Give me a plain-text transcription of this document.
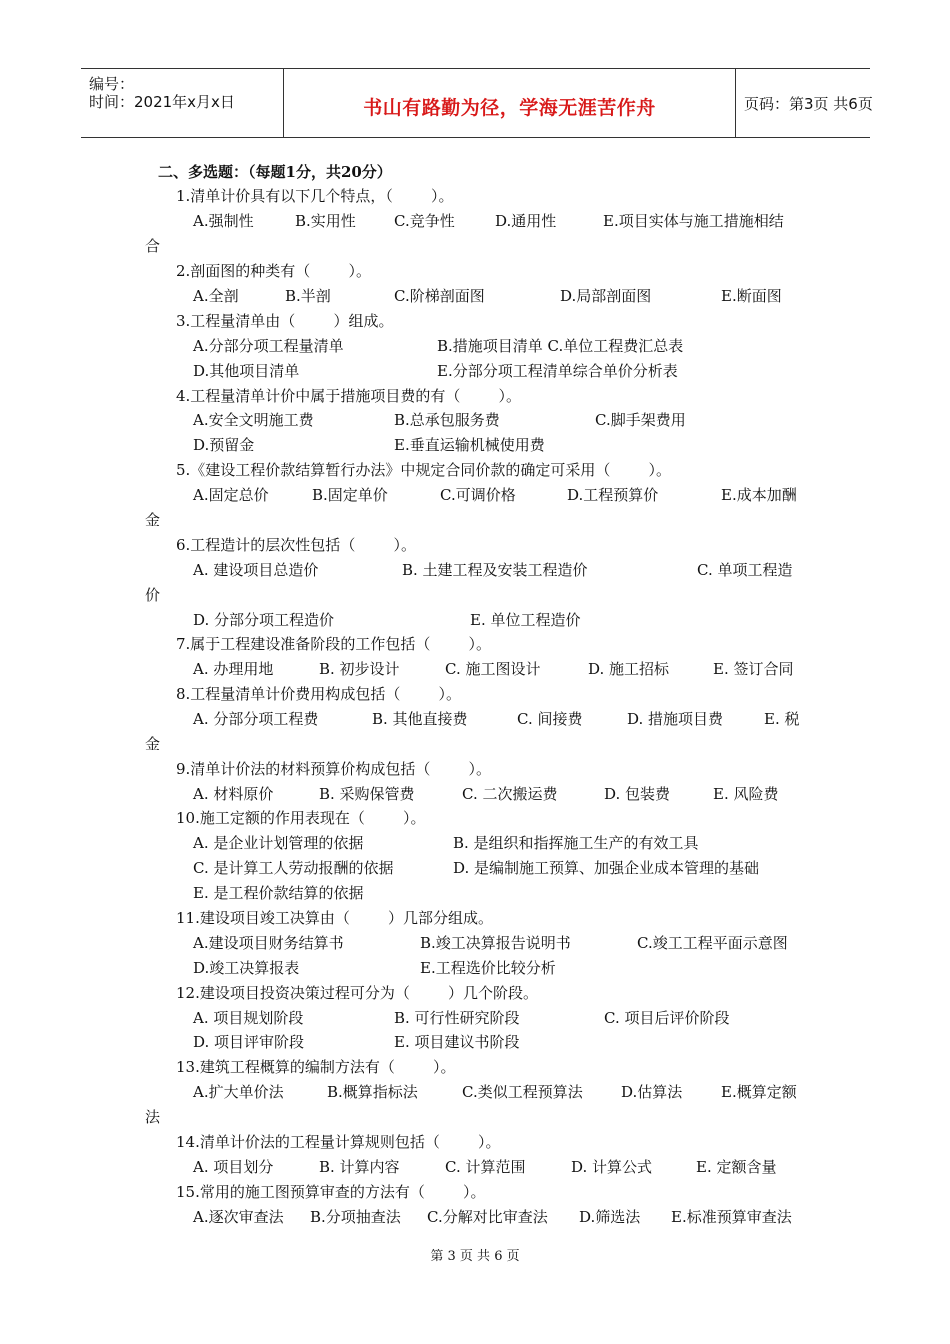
编号：
时间：2021年x月x日	书山有路勤为径，学海无涯苦作舟	页码：第3页 共6页
二、多选题：（每题1分，共20分）
1.清单计价具有以下几个特点，（        ）。
A.强制性	B.实用性	C.竞争性	D.通用性	E.项目实体与施工措施相结
合
2.剖面图的种类有（        ）。
A.全剖	B.半剖	C.阶梯剖面图	D.局部剖面图	E.断面图
3.工程量清单由（        ）组成。
A.分部分项工程量清单	B.措施项目清单 C.单位工程费汇总表
D.其他项目清单	E.分部分项工程清单综合单价分析表
4.工程量清单计价中属于措施项目费的有（        ）。
A.安全文明施工费	B.总承包服务费	C.脚手架费用
D.预留金	E.垂直运输机械使用费
5.《建设工程价款结算暂行办法》中规定合同价款的确定可采用（        ）。
A.固定总价	B.固定单价	C.可调价格	D.工程预算价	E.成本加酬
金
6.工程造计的层次性包括（        ）。
A. 建设项目总造价	B. 土建工程及安装工程造价	C. 单项工程造
价
D. 分部分项工程造价	E. 单位工程造价
7.属于工程建设准备阶段的工作包括（        ）。
A. 办理用地	B. 初步设计	C. 施工图设计	D. 施工招标	E. 签订合同
8.工程量清单计价费用构成包括（        ）。
A. 分部分项工程费	B. 其他直接费	C. 间接费	D. 措施项目费	E. 税
金
9.清单计价法的材料预算价构成包括（        ）。
A. 材料原价	B. 采购保管费	C. 二次搬运费	D. 包装费	E. 风险费
10.施工定额的作用表现在（        ）。
A. 是企业计划管理的依据	B. 是组织和指挥施工生产的有效工具
C. 是计算工人劳动报酬的依据	D. 是编制施工预算、加强企业成本管理的基础
E. 是工程价款结算的依据
11.建设项目竣工决算由（        ）几部分组成。
A.建设项目财务结算书	B.竣工决算报告说明书	C.竣工工程平面示意图
D.竣工决算报表	E.工程选价比较分析
12.建设项目投资决策过程可分为（        ）几个阶段。
A. 项目规划阶段	B. 可行性研究阶段	C. 项目后评价阶段
D. 项目评审阶段	E. 项目建议书阶段
13.建筑工程概算的编制方法有（        ）。
A.扩大单价法	B.概算指标法	C.类似工程预算法	D.估算法	E.概算定额
法
14.清单计价法的工程量计算规则包括（        ）。
A. 项目划分	B. 计算内容	C. 计算范围	D. 计算公式	E. 定额含量
15.常用的施工图预算审查的方法有（        ）。
A.逐次审查法 B.分项抽查法 C.分解对比审查法 D.筛选法 E.标准预算审查法
第 3 页 共 6 页
